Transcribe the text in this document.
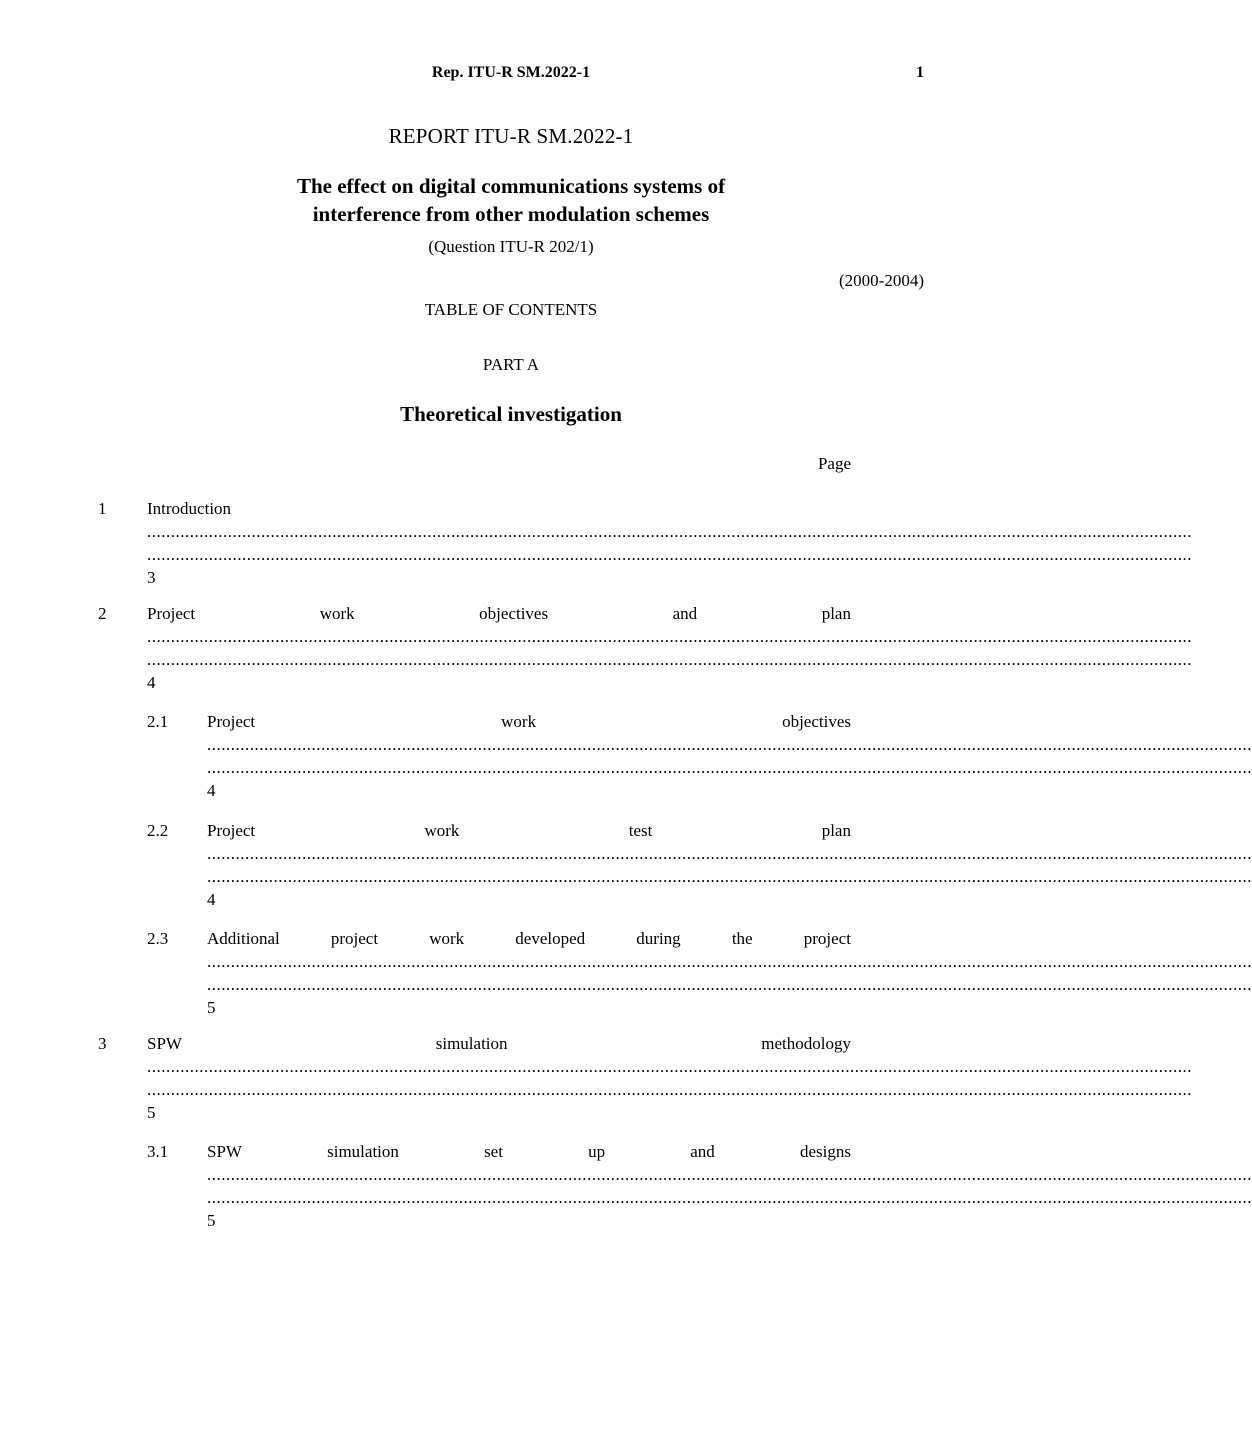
Rep. ITU-R SM.2022-1	1
REPORT ITU-R SM.2022-1
The effect on digital communications systems of
interference from other modulation schemes
(Question ITU-R 202/1)
(2000-2004)
TABLE OF CONTENTS
PART A
Theoretical investigation
Page
1 Introduction
............................................................................................................................................................................................................................
............................................................................................................................................................................................................................
3
2 Project	work	objectives	and	plan
............................................................................................................................................................................................................................
............................................................................................................................................................................................................................
4
2.1 Project	work	objectives
............................................................................................................................................................................................................................
............................................................................................................................................................................................................................
4
2.2 Project	work	test	plan
............................................................................................................................................................................................................................
............................................................................................................................................................................................................................
4
2.3 Additional	project	work	developed	during	the	project
............................................................................................................................................................................................................................
............................................................................................................................................................................................................................
5
3 SPW	simulation	methodology
............................................................................................................................................................................................................................
............................................................................................................................................................................................................................
5
3.1 SPW	simulation	set	up	and	designs
............................................................................................................................................................................................................................
............................................................................................................................................................................................................................
5
